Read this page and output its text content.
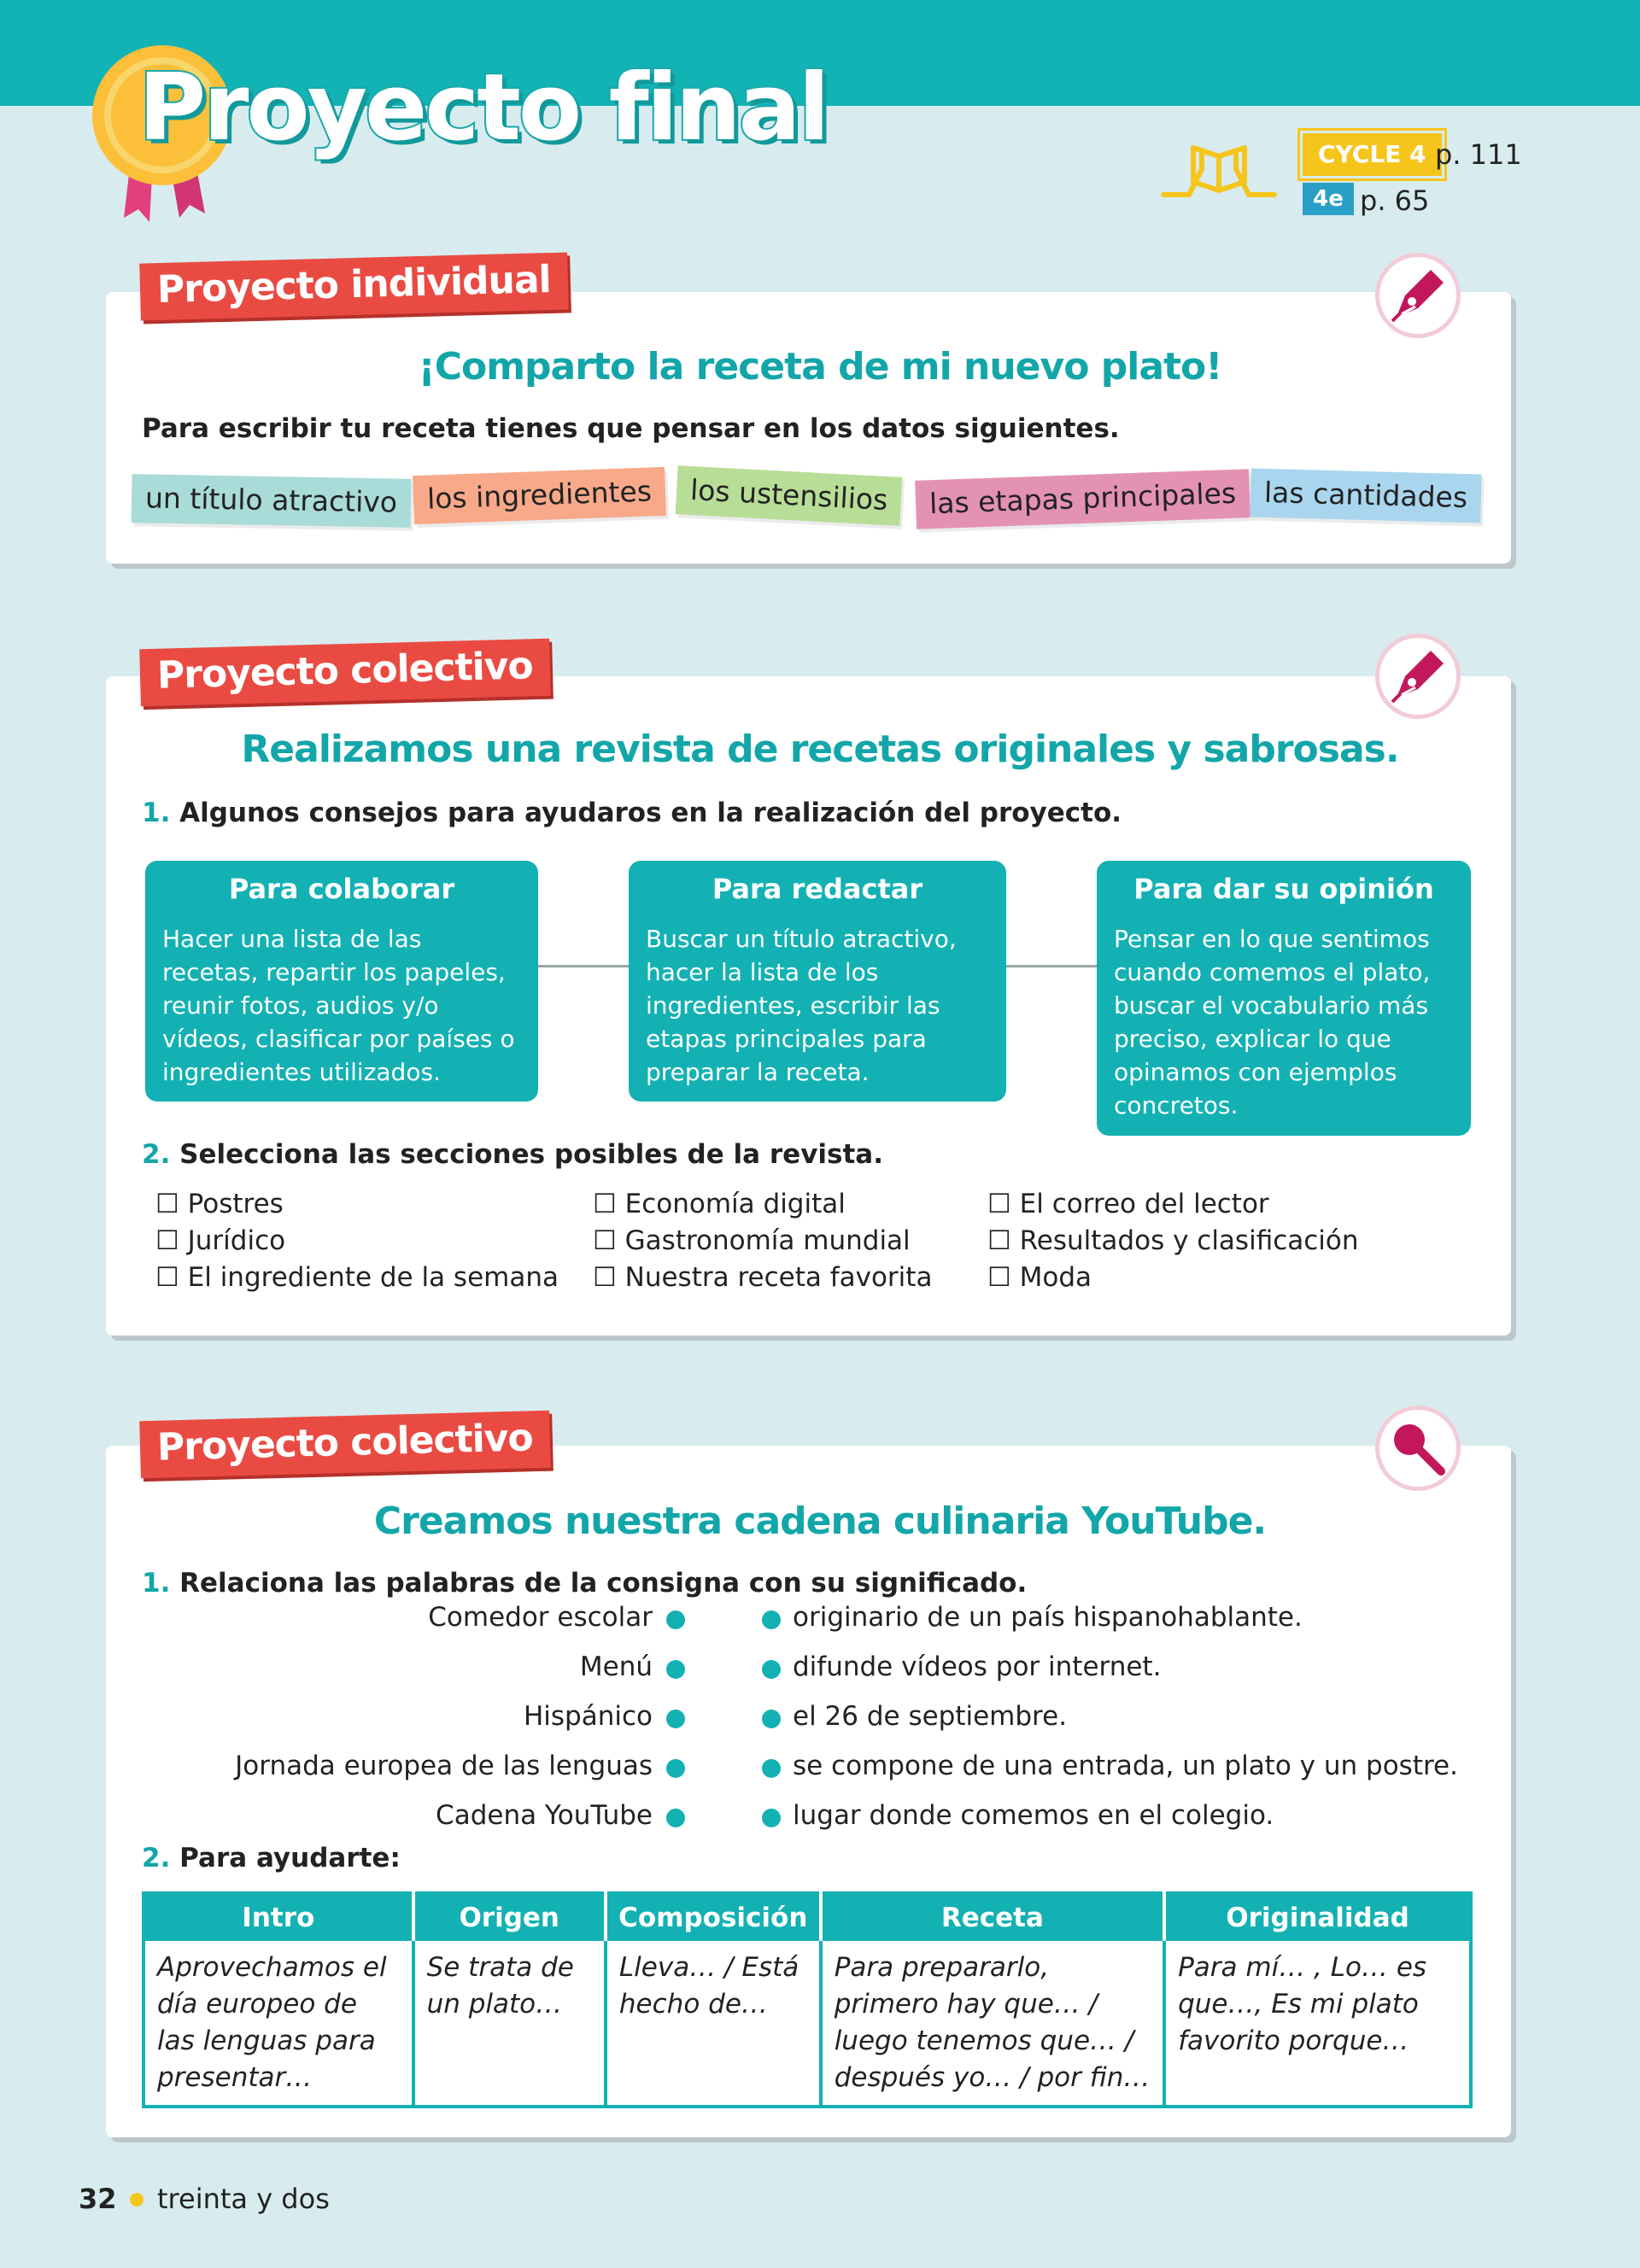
Proyecto final	CYCLE 4 p. 111
4e p. 65
Proyecto individual
¡Comparto la receta de mi nuevo plato!
Para escribir tu receta tienes que pensar en los datos siguientes.
un título atractivo	los ingredientes	los ustensilios	las etapas principales las cantidades
Proyecto colectivo
Realizamos una revista de recetas originales y sabrosas.
1. Algunos consejos para ayudaros en la realización del proyecto.
Para colaborar

Hacer una lista de las recetas, repartir los papeles, reunir fotos, audios y/o vídeos, clasificar por países o ingredientes utilizados.

Para redactar

Buscar un título atractivo, hacer la lista de los ingredientes, escribir las etapas principales para preparar la receta.

Para dar su opinión

Pensar en lo que sentimos cuando comemos el plato, buscar el vocabulario más preciso, explicar lo que opinamos con ejemplos concretos.

2. Selecciona las secciones posibles de la revista.
☐ Postres
☐ Jurídico
☐ El ingrediente de la semana
☐ Economía digital
☐ Gastronomía mundial
☐ Nuestra receta favorita
☐ El correo del lector
☐ Resultados y clasificación
☐ Moda
Proyecto colectivo
Creamos nuestra cadena culinaria YouTube.
1. Relaciona las palabras de la consigna con su significado.
Comedor escolar	originario de un país hispanohablante.
Menú	difunde vídeos por internet.
Hispánico	el 26 de septiembre.
Jornada europea de las lenguas	se compone de una entrada, un plato y un postre.
Cadena YouTube	lugar donde comemos en el colegio.
2. Para ayudarte:
Intro	Origen	Composición	Receta	Originalidad
Aprovechamos el día europeo de las lenguas para presentar…	Se trata de un plato…	Lleva… / Está hecho de…	Para prepararlo, primero hay que… / luego tenemos que… / después yo… / por fin…	Para mí… , Lo… es que…, Es mi plato favorito porque…
32 treinta y dos
